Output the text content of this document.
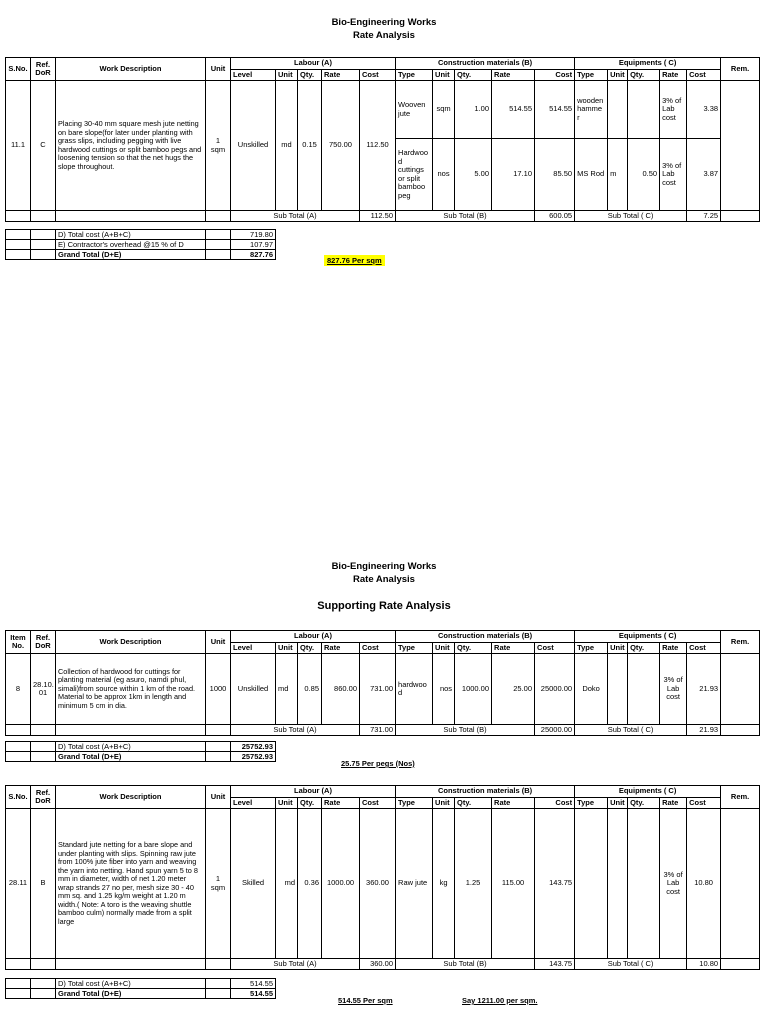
Bio-Engineering Works
Rate Analysis
S.No.	Ref. DoR	Work Description	Unit	Labour (A)					Construction materials (B)					Equipments ( C)					Rem.
				Level	Unit	Qty.	Rate	Cost	Type	Unit	Qty.	Rate	Cost	Type	Unit	Qty.	Rate	Cost	
11.1	C	Placing 30-40 mm square mesh jute netting on bare slope(for later under planting with grass slips, including pegging with live hardwood cuttings or split bamboo pegs and loosening tension so that the net hugs the slope throughout.	1 sqm	Unskilled	md	0.15	750.00	112.50	Wooven jute	sqm	1.00	514.55	514.55	wooden hamme r			3% of Lab cost	3.38	
									Hardwoo d cuttings or split bamboo peg	nos	5.00	17.10	85.50	MS Rod	m	0.50	3% of Lab cost	3.87	
				Sub Total (A)				112.50	Sub Total (B)				600.05	Sub Total ( C)				7.25	
		D) Total cost (A+B+C)		719.80
		E) Contractor's overhead @15 % of D		107.97
		Grand Total (D+E)		827.76
827.76 Per sqm
Bio-Engineering Works
Rate Analysis
Supporting Rate Analysis
Item No.	Ref. DoR	Work Description	Unit	Labour (A)					Construction materials (B)					Equipments ( C)					Rem.
				Level	Unit	Qty.	Rate	Cost	Type	Unit	Qty.	Rate	Cost	Type	Unit	Qty.	Rate	Cost	
8	28.10. 01	Collection of hardwood for cuttings for planting material (eg asuro, namdi phul, simali)from source within 1 km of the road. Material to be approx 1km in length and minimum 5 cm in dia.	1000	Unskilled	md	0.85	860.00	731.00	hardwoo d	nos	1000.00	25.00	25000.00	Doko			3% of Lab cost	21.93	
				Sub Total (A)				731.00	Sub Total (B)				25000.00	Sub Total ( C)				21.93	
		D) Total cost (A+B+C)		25752.93
		Grand Total (D+E)		25752.93
25.75 Per pegs (Nos)
S.No.	Ref. DoR	Work Description	Unit	Labour (A)					Construction materials (B)					Equipments ( C)					Rem.
				Level	Unit	Qty.	Rate	Cost	Type	Unit	Qty.	Rate	Cost	Type	Unit	Qty.	Rate	Cost	
28.11	B	Standard jute netting for a bare slope and under planting with slips. Spinning raw jute from 100% jute fiber into yarn and weaving the yarn into netting. Hand spun yarn 5 to 8 mm in diameter, width of net 1.20 meter wrap strands 27 no per, mesh size 30 - 40 mm sq. and 1.25 kg/m weight at 1.20 m width.( Note: A toro is the weaving shuttle bamboo culm) normally made from a split large	1 sqm	Skilled	md	0.36	1000.00	360.00	Raw jute	kg	1.25	115.00	143.75				3% of Lab cost	10.80	
				Sub Total (A)				360.00	Sub Total (B)				143.75	Sub Total ( C)				10.80	
		D) Total cost (A+B+C)		514.55
		Grand Total (D+E)		514.55
514.55 Per sqm	Say 1211.00 per sqm.
